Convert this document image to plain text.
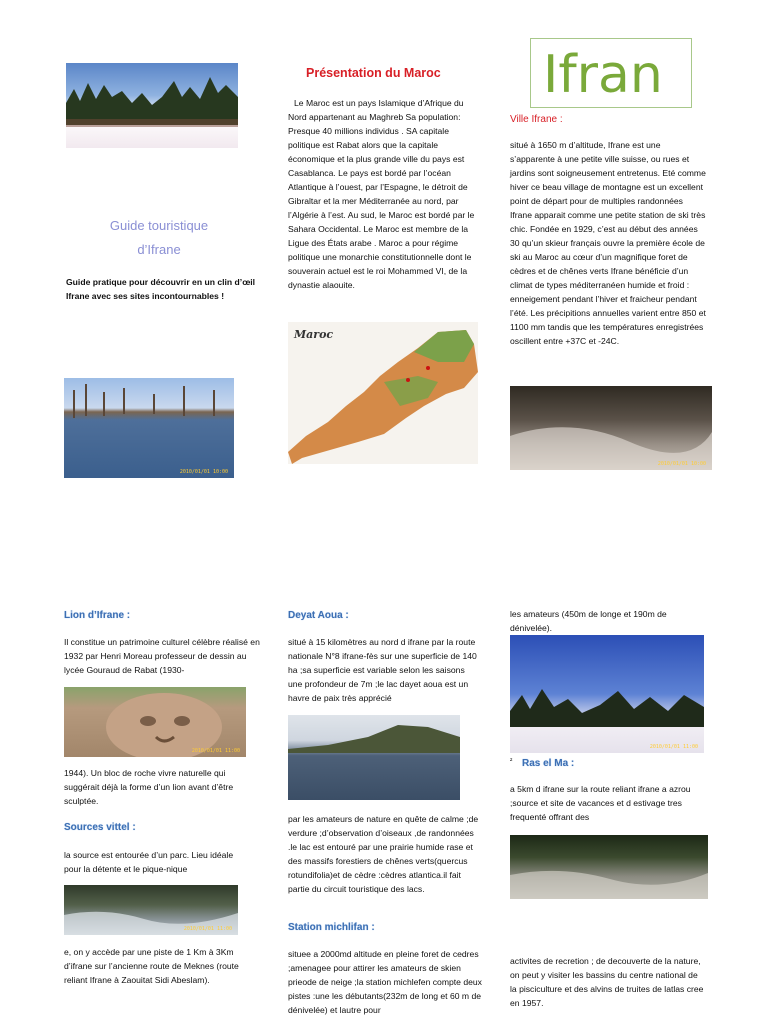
Guide touristique
d’Ifrane
Guide pratique pour découvrir en un clin d’œil Ifrane avec ses sites incontournables !
2010/01/01 10:00
Lion d’Ifrane :
Il constitue un patrimoine culturel célèbre réalisé en 1932 par Henri Moreau professeur de dessin au lycée Gouraud de Rabat (1930-
2010/01/01 11:00
1944). Un bloc de roche vivre naturelle qui suggérait déjà la forme d’un lion avant d’être sculptée.
Sources vittel :
la source est entourée d’un parc. Lieu idéale pour la détente et le pique-nique
2010/01/01 11:00
e, on y accède par une piste de 1 Km à 3Km d’ifrane sur l’ancienne route de Meknes (route reliant Ifrane à Zaouitat Sidi Abeslam).
Présentation du Maroc
Le Maroc est un pays Islamique d’Afrique du Nord appartenant au Maghreb Sa population: Presque 40 millions individus . SA capitale politique est Rabat alors que la capitale économique et la plus grande ville du pays est Casablanca. Le pays est bordé par l’océan Atlantique à l’ouest, par l’Espagne, le détroit de Gibraltar et la mer Méditerranée au nord, par l’Algérie à l’est. Au sud, le Maroc est bordé par le Sahara Occidental. Le Maroc est membre de la Ligue des États arabe . Maroc a pour régime politique une monarchie constitutionnelle dont le souverain actuel est le roi Mohammed VI, de la dynastie alaouite.
Maroc
Deyat Aoua :
situé à 15 kilomètres au nord d ifrane par la route nationale N°8 ifrane-fès sur une superficie de 140 ha ;sa superficie est variable selon les saisons une profondeur de 7m ;le lac dayet aoua est un havre de paix très apprécié
par les amateurs de nature en quête de calme ;de verdure ;d’observation d’oiseaux ,de randonnées .le lac est entouré par une prairie humide rase et des massifs forestiers de chênes verts(quercus rotundifolia)et de cèdre :cèdres atlantica.il fait partie du circuit touristique des lacs.
Station michlifan :
situee a 2000md altitude en pleine foret de cedres ;amenagee pour attirer les amateurs de skien prieode de neige ;la station michlefen compte deux pistes :une les débutants(232m de long et 60 m de dénivelée) et lautre pour
Ifran
Ville Ifrane :
situé à 1650 m d’altitude, Ifrane est une s’apparente à une petite ville suisse, ou rues et jardins sont soigneusement entretenus. Eté comme hiver ce beau village de montagne est un excellent point de départ pour de multiples randonnées Ifrane apparait comme une petite station de ski très chic. Fondée en 1929, c’est au début des années 30 qu’un skieur français ouvre la première école de ski au Maroc au cœur d’un magnifique foret de cèdres et de chênes verts Ifrane bénéficie d’un climat de types méditerranéen humide et froid : enneigement pendant l’hiver et fraicheur pendant l’été. Les précipitions annuelles varient entre 850 et 1100 mm tandis que les températures enregistrées oscillent entre +37C et -24C.
2010/01/01 10:00
les amateurs (450m de longe et 190m de dénivelée).
2010/01/01 11:00
² Ras el Ma :
a 5km d ifrane sur la route reliant ifrane a azrou ;source et site de vacances et d estivage tres frequenté offrant des
activites de recretion ; de decouverte de la nature, on peut y visiter les bassins du centre national de la pisciculture et des alvins de truites de latlas cree en 1957.
